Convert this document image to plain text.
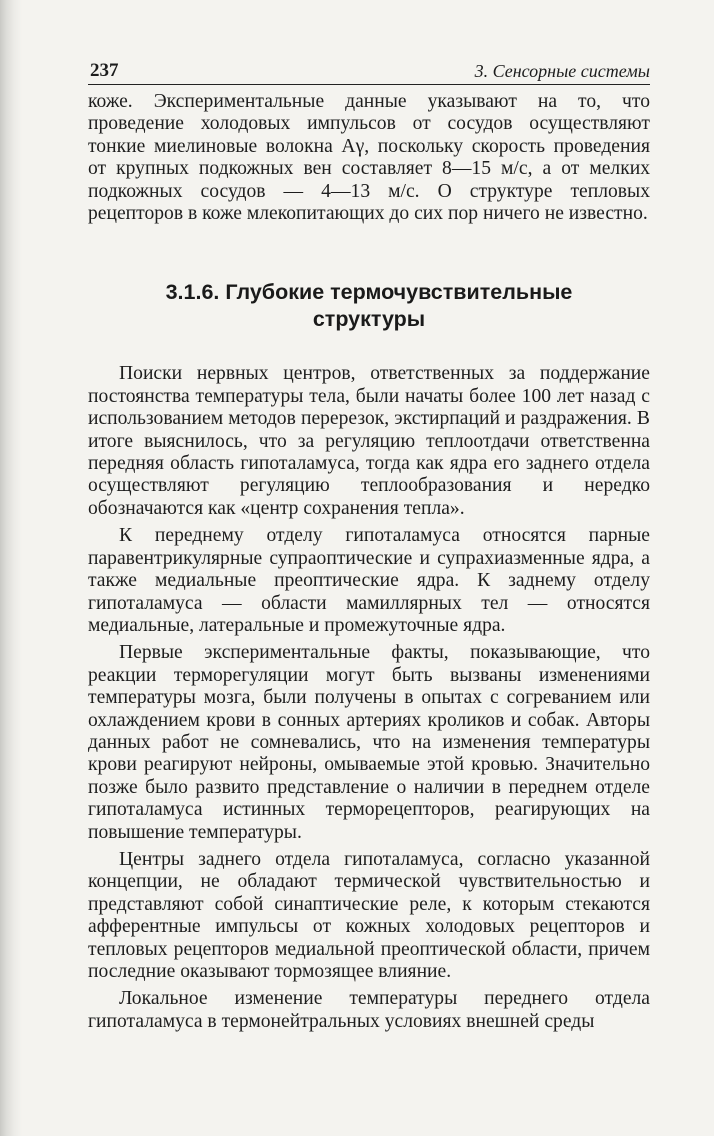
237	3. Сенсорные системы

коже. Экспериментальные данные указывают на то, что проведение холодовых импульсов от сосудов осуществляют тонкие миелиновые волокна Aγ, поскольку скорость проведения от крупных подкожных вен составляет 8—15 м/с, а от мелких подкожных сосудов — 4—13 м/с. О структуре тепловых рецепторов в коже млекопитающих до сих пор ничего не известно.

3.1.6. Глубокие термочувствительные
структуры

Поиски нервных центров, ответственных за поддержание постоянства температуры тела, были начаты более 100 лет назад с использованием методов перерезок, экстирпаций и раздражения. В итоге выяснилось, что за регуляцию теплоотдачи ответственна передняя область гипоталамуса, тогда как ядра его заднего отдела осуществляют регуляцию теплообразования и нередко обозначаются как «центр сохранения тепла».

К переднему отделу гипоталамуса относятся парные паравентрикулярные супраоптические и супрахиазменные ядра, а также медиальные преоптические ядра. К заднему отделу гипоталамуса — области мамиллярных тел — относятся медиальные, латеральные и промежуточные ядра.

Первые экспериментальные факты, показывающие, что реакции терморегуляции могут быть вызваны изменениями температуры мозга, были получены в опытах с согреванием или охлаждением крови в сонных артериях кроликов и собак. Авторы данных работ не сомневались, что на изменения температуры крови реагируют нейроны, омываемые этой кровью. Значительно позже было развито представление о наличии в переднем отделе гипоталамуса истинных терморецепторов, реагирующих на повышение температуры.

Центры заднего отдела гипоталамуса, согласно указанной концепции, не обладают термической чувствительностью и представляют собой синаптические реле, к которым стекаются афферентные импульсы от кожных холодовых рецепторов и тепловых рецепторов медиальной преоптической области, причем последние оказывают тормозящее влияние.

Локальное изменение температуры переднего отдела гипоталамуса в термонейтральных условиях внешней среды
